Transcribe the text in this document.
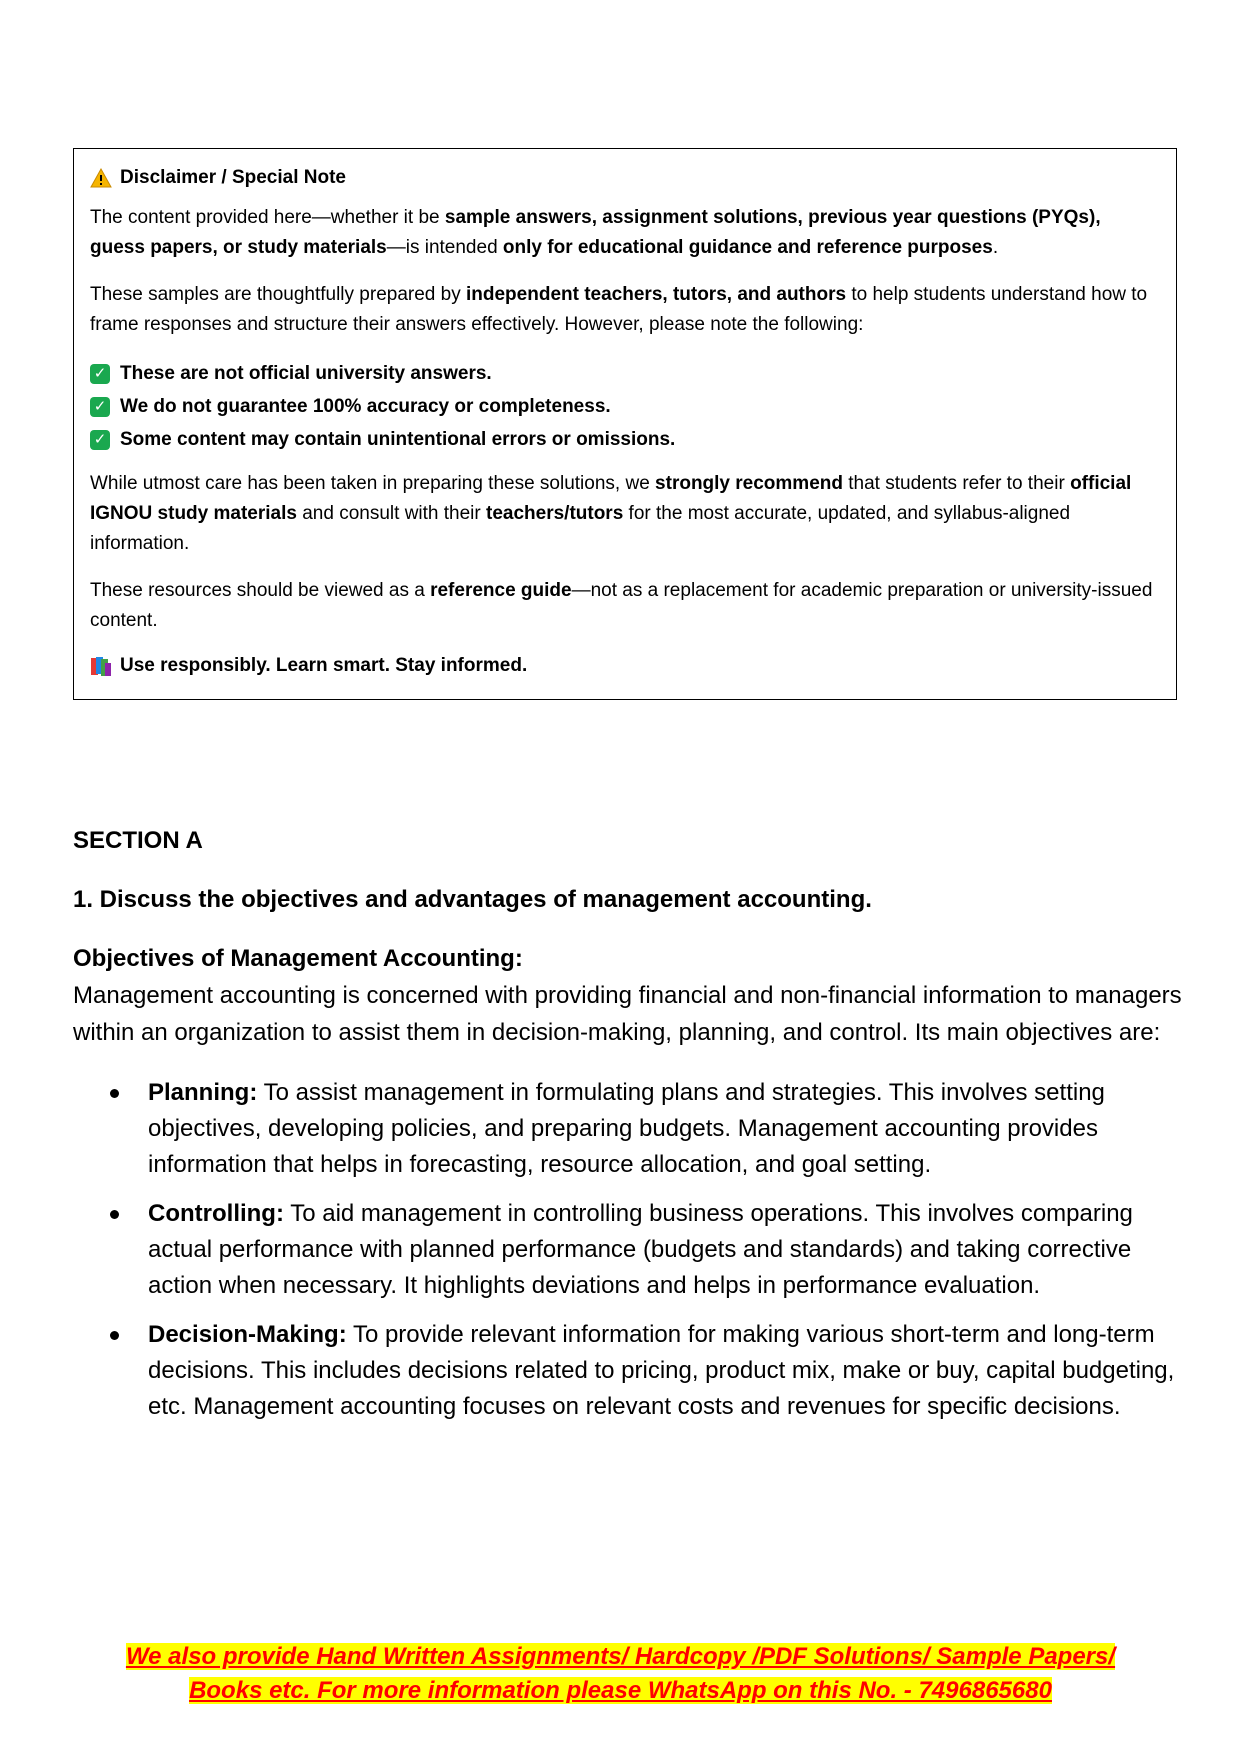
Disclaimer / Special Note

The content provided here—whether it be sample answers, assignment solutions, previous year questions (PYQs), guess papers, or study materials—is intended only for educational guidance and reference purposes.

These samples are thoughtfully prepared by independent teachers, tutors, and authors to help students understand how to frame responses and structure their answers effectively. However, please note the following:

✓ These are not official university answers.
✓ We do not guarantee 100% accuracy or completeness.
✓ Some content may contain unintentional errors or omissions.

While utmost care has been taken in preparing these solutions, we strongly recommend that students refer to their official IGNOU study materials and consult with their teachers/tutors for the most accurate, updated, and syllabus-aligned information.

These resources should be viewed as a reference guide—not as a replacement for academic preparation or university-issued content.

Use responsibly. Learn smart. Stay informed.

SECTION A

1. Discuss the objectives and advantages of management accounting.

Objectives of Management Accounting:

Management accounting is concerned with providing financial and non-financial information to managers within an organization to assist them in decision-making, planning, and control. Its main objectives are:

Planning: To assist management in formulating plans and strategies. This involves setting objectives, developing policies, and preparing budgets. Management accounting provides information that helps in forecasting, resource allocation, and goal setting.
Controlling: To aid management in controlling business operations. This involves comparing actual performance with planned performance (budgets and standards) and taking corrective action when necessary. It highlights deviations and helps in performance evaluation.
Decision-Making: To provide relevant information for making various short-term and long-term decisions. This includes decisions related to pricing, product mix, make or buy, capital budgeting, etc. Management accounting focuses on relevant costs and revenues for specific decisions.
We also provide Hand Written Assignments/ Hardcopy /PDF Solutions/ Sample Papers/
Books etc. For more information please WhatsApp on this No. - 7496865680
